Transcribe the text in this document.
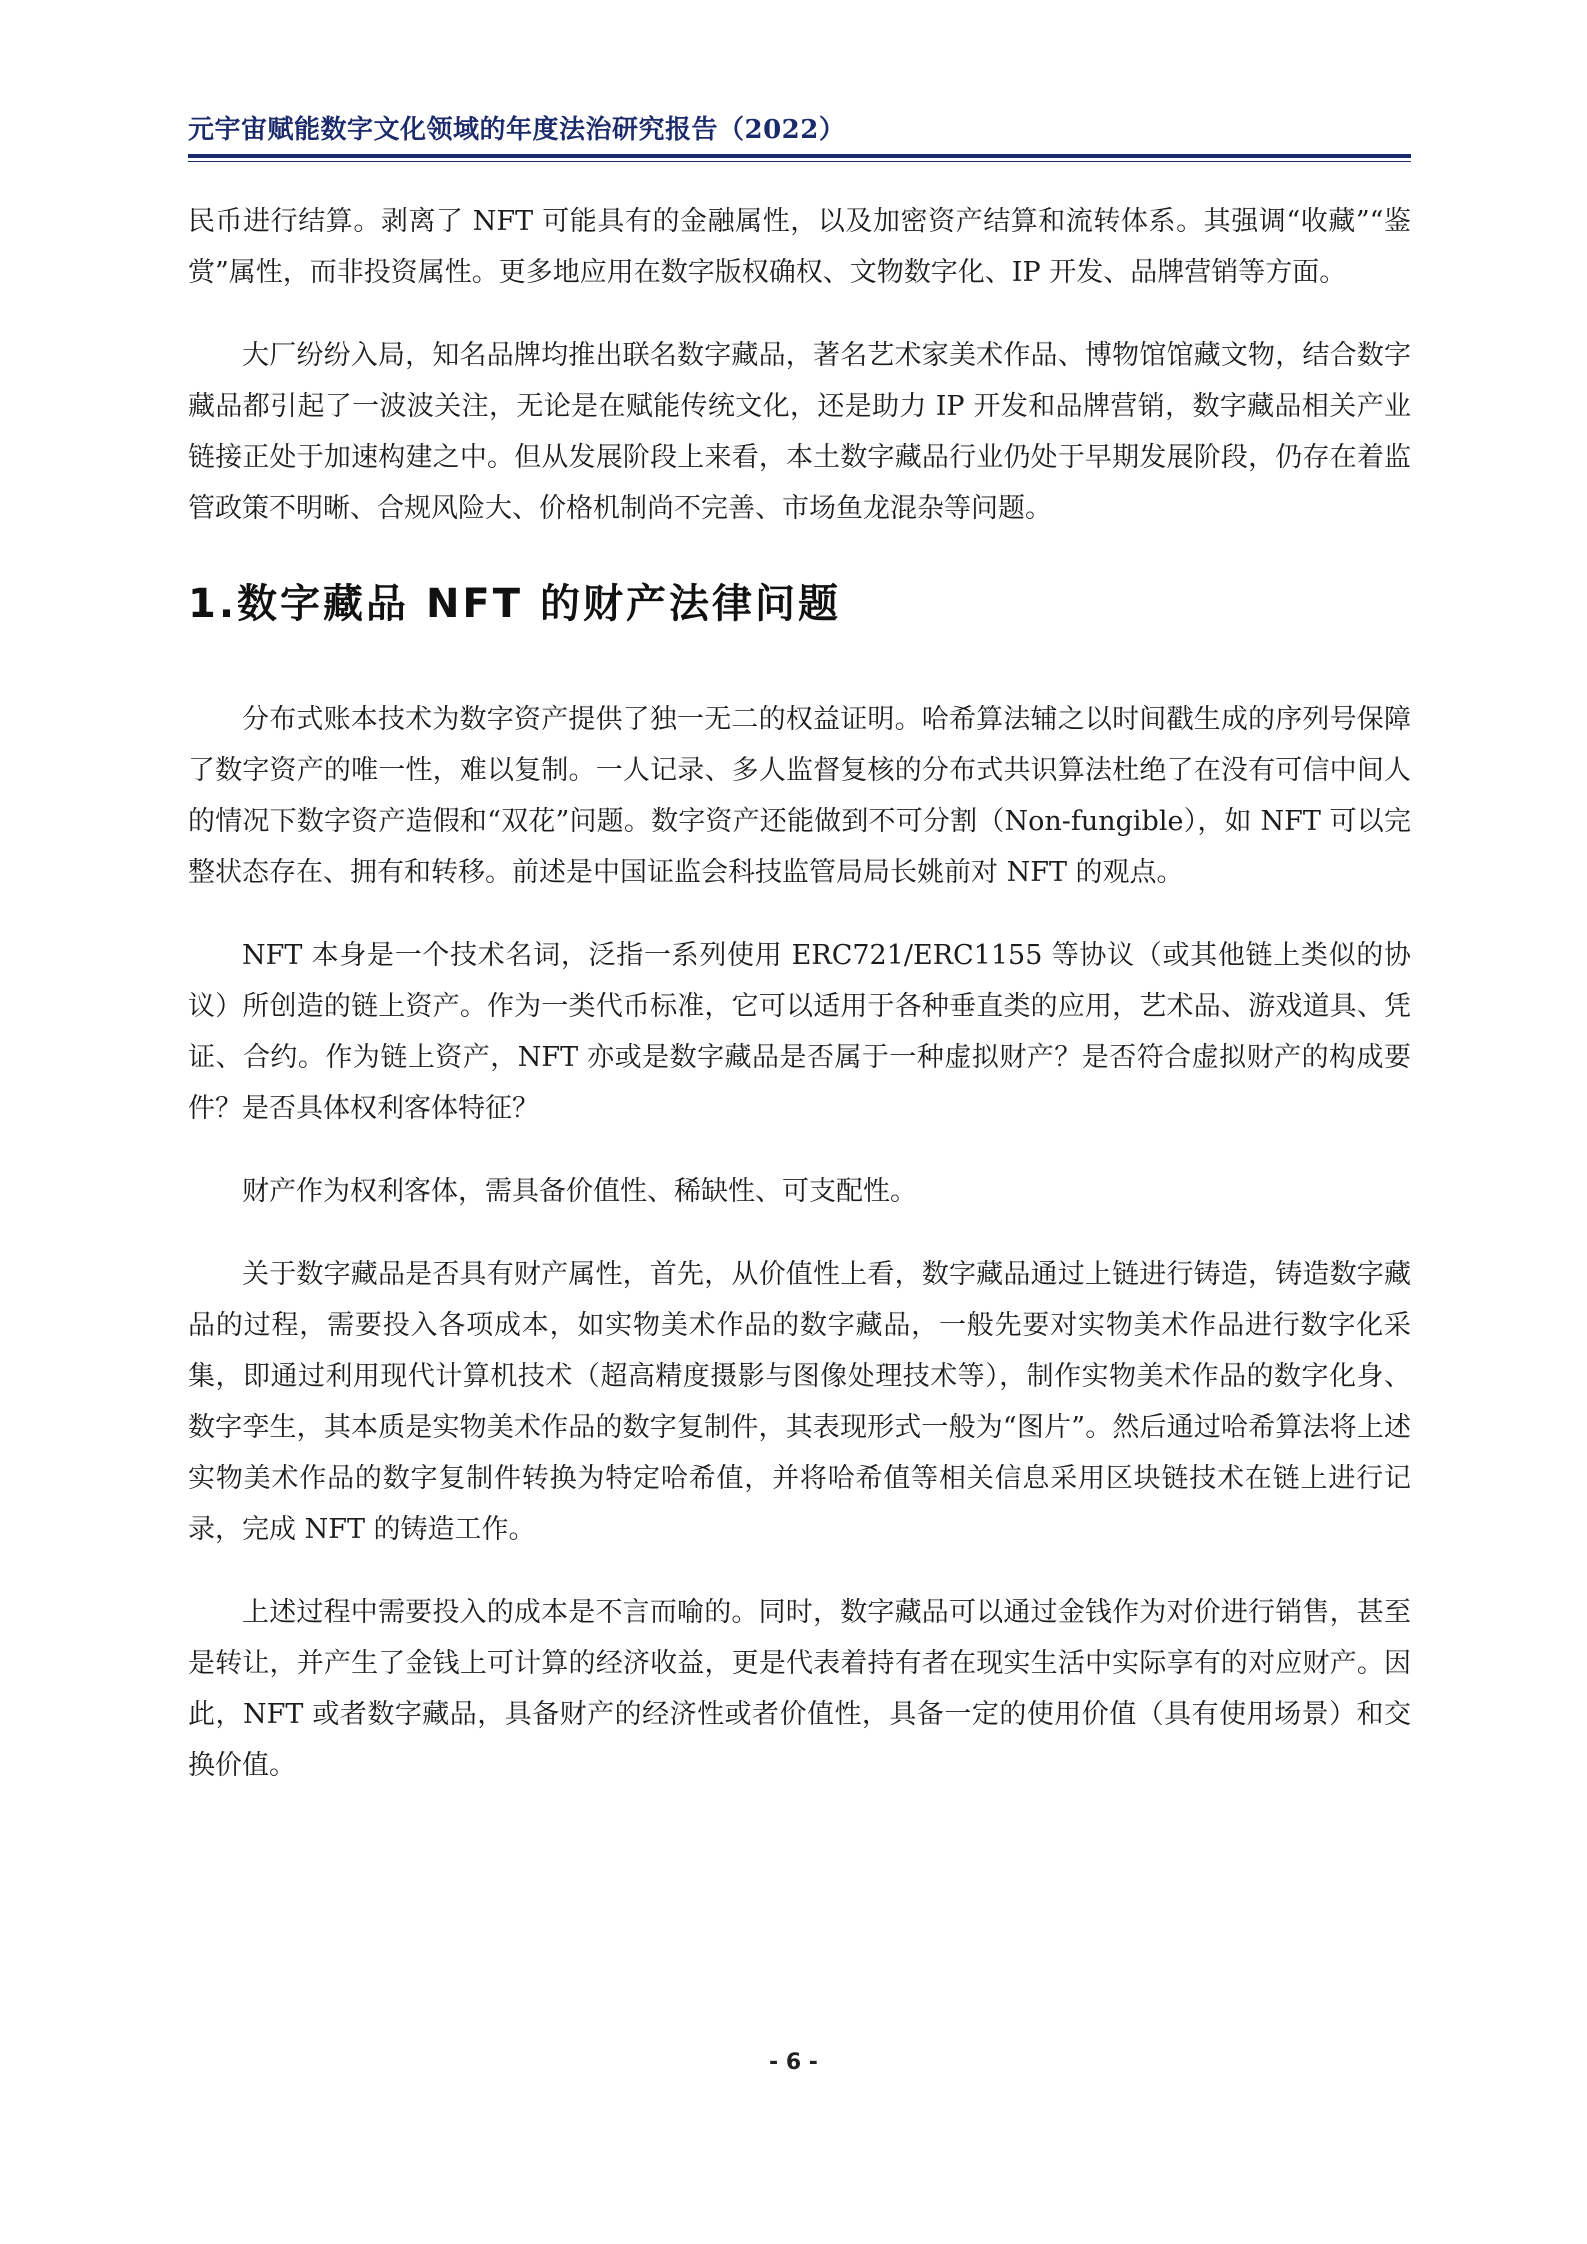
元宇宙赋能数字文化领域的年度法治研究报告（2022）

民币进行结算。剥离了 NFT 可能具有的金融属性，以及加密资产结算和流转体系。其强调“收藏”“鉴赏”属性，而非投资属性。更多地应用在数字版权确权、文物数字化、IP 开发、品牌营销等方面。

大厂纷纷入局，知名品牌均推出联名数字藏品，著名艺术家美术作品、博物馆馆藏文物，结合数字藏品都引起了一波波关注，无论是在赋能传统文化，还是助力 IP 开发和品牌营销，数字藏品相关产业链接正处于加速构建之中。但从发展阶段上来看，本土数字藏品行业仍处于早期发展阶段，仍存在着监管政策不明晰、合规风险大、价格机制尚不完善、市场鱼龙混杂等问题。

1.数字藏品 NFT 的财产法律问题

分布式账本技术为数字资产提供了独一无二的权益证明。哈希算法辅之以时间戳生成的序列号保障了数字资产的唯一性，难以复制。一人记录、多人监督复核的分布式共识算法杜绝了在没有可信中间人的情况下数字资产造假和“双花”问题。数字资产还能做到不可分割（Non-fungible），如 NFT 可以完整状态存在、拥有和转移。前述是中国证监会科技监管局局长姚前对 NFT 的观点。

NFT 本身是一个技术名词，泛指一系列使用 ERC721/ERC1155 等协议（或其他链上类似的协议）所创造的链上资产。作为一类代币标准，它可以适用于各种垂直类的应用，艺术品、游戏道具、凭证、合约。作为链上资产，NFT 亦或是数字藏品是否属于一种虚拟财产？是否符合虚拟财产的构成要件？是否具体权利客体特征？

财产作为权利客体，需具备价值性、稀缺性、可支配性。

关于数字藏品是否具有财产属性，首先，从价值性上看，数字藏品通过上链进行铸造，铸造数字藏品的过程，需要投入各项成本，如实物美术作品的数字藏品，一般先要对实物美术作品进行数字化采集，即通过利用现代计算机技术（超高精度摄影与图像处理技术等），制作实物美术作品的数字化身、数字孪生，其本质是实物美术作品的数字复制件，其表现形式一般为“图片”。然后通过哈希算法将上述实物美术作品的数字复制件转换为特定哈希值，并将哈希值等相关信息采用区块链技术在链上进行记录，完成 NFT 的铸造工作。

上述过程中需要投入的成本是不言而喻的。同时，数字藏品可以通过金钱作为对价进行销售，甚至是转让，并产生了金钱上可计算的经济收益，更是代表着持有者在现实生活中实际享有的对应财产。因此，NFT 或者数字藏品，具备财产的经济性或者价值性，具备一定的使用价值（具有使用场景）和交换价值。

- 6 -
